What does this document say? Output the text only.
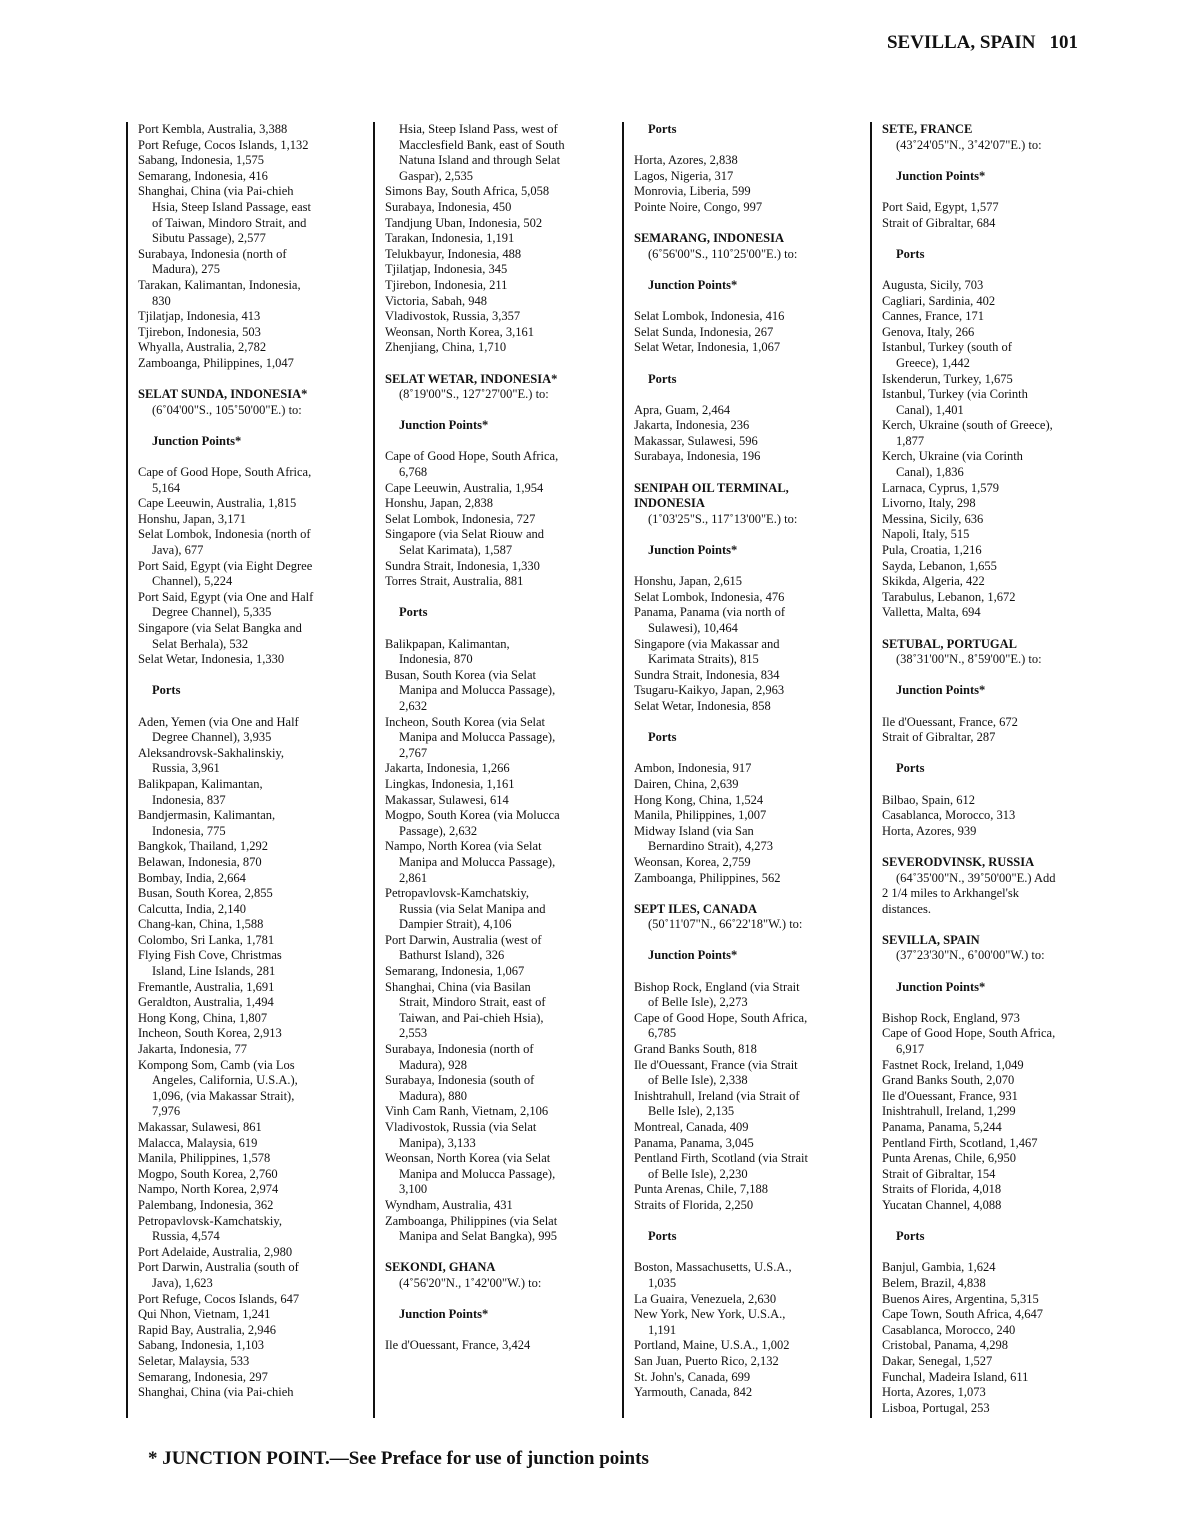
SEVILLA, SPAIN 101
Port Kembla, Australia, 3,388
Port Refuge, Cocos Islands, 1,132
Sabang, Indonesia, 1,575
Semarang, Indonesia, 416
Shanghai, China (via Pai-chieh
Hsia, Steep Island Passage, east
of Taiwan, Mindoro Strait, and
Sibutu Passage), 2,577
Surabaya, Indonesia (north of
Madura), 275
Tarakan, Kalimantan, Indonesia,
830
Tjilatjap, Indonesia, 413
Tjirebon, Indonesia, 503
Whyalla, Australia, 2,782
Zamboanga, Philippines, 1,047
SELAT SUNDA, INDONESIA*
(6˚04'00"S., 105˚50'00"E.) to:
Junction Points*
Cape of Good Hope, South Africa,
5,164
Cape Leeuwin, Australia, 1,815
Honshu, Japan, 3,171
Selat Lombok, Indonesia (north of
Java), 677
Port Said, Egypt (via Eight Degree
Channel), 5,224
Port Said, Egypt (via One and Half
Degree Channel), 5,335
Singapore (via Selat Bangka and
Selat Berhala), 532
Selat Wetar, Indonesia, 1,330
Ports
Aden, Yemen (via One and Half
Degree Channel), 3,935
Aleksandrovsk-Sakhalinskiy,
Russia, 3,961
Balikpapan, Kalimantan,
Indonesia, 837
Bandjermasin, Kalimantan,
Indonesia, 775
Bangkok, Thailand, 1,292
Belawan, Indonesia, 870
Bombay, India, 2,664
Busan, South Korea, 2,855
Calcutta, India, 2,140
Chang-kan, China, 1,588
Colombo, Sri Lanka, 1,781
Flying Fish Cove, Christmas
Island, Line Islands, 281
Fremantle, Australia, 1,691
Geraldton, Australia, 1,494
Hong Kong, China, 1,807
Incheon, South Korea, 2,913
Jakarta, Indonesia, 77
Kompong Som, Camb (via Los
Angeles, California, U.S.A.),
1,096, (via Makassar Strait),
7,976
Makassar, Sulawesi, 861
Malacca, Malaysia, 619
Manila, Philippines, 1,578
Mogpo, South Korea, 2,760
Nampo, North Korea, 2,974
Palembang, Indonesia, 362
Petropavlovsk-Kamchatskiy,
Russia, 4,574
Port Adelaide, Australia, 2,980
Port Darwin, Australia (south of
Java), 1,623
Port Refuge, Cocos Islands, 647
Qui Nhon, Vietnam, 1,241
Rapid Bay, Australia, 2,946
Sabang, Indonesia, 1,103
Seletar, Malaysia, 533
Semarang, Indonesia, 297
Shanghai, China (via Pai-chieh
Hsia, Steep Island Pass, west of
Macclesfield Bank, east of South
Natuna Island and through Selat
Gaspar), 2,535
Simons Bay, South Africa, 5,058
Surabaya, Indonesia, 450
Tandjung Uban, Indonesia, 502
Tarakan, Indonesia, 1,191
Telukbayur, Indonesia, 488
Tjilatjap, Indonesia, 345
Tjirebon, Indonesia, 211
Victoria, Sabah, 948
Vladivostok, Russia, 3,357
Weonsan, North Korea, 3,161
Zhenjiang, China, 1,710
SELAT WETAR, INDONESIA*
(8˚19'00"S., 127˚27'00"E.) to:
Junction Points*
Cape of Good Hope, South Africa,
6,768
Cape Leeuwin, Australia, 1,954
Honshu, Japan, 2,838
Selat Lombok, Indonesia, 727
Singapore (via Selat Riouw and
Selat Karimata), 1,587
Sundra Strait, Indonesia, 1,330
Torres Strait, Australia, 881
Ports
Balikpapan, Kalimantan,
Indonesia, 870
Busan, South Korea (via Selat
Manipa and Molucca Passage),
2,632
Incheon, South Korea (via Selat
Manipa and Molucca Passage),
2,767
Jakarta, Indonesia, 1,266
Lingkas, Indonesia, 1,161
Makassar, Sulawesi, 614
Mogpo, South Korea (via Molucca
Passage), 2,632
Nampo, North Korea (via Selat
Manipa and Molucca Passage),
2,861
Petropavlovsk-Kamchatskiy,
Russia (via Selat Manipa and
Dampier Strait), 4,106
Port Darwin, Australia (west of
Bathurst Island), 326
Semarang, Indonesia, 1,067
Shanghai, China (via Basilan
Strait, Mindoro Strait, east of
Taiwan, and Pai-chieh Hsia),
2,553
Surabaya, Indonesia (north of
Madura), 928
Surabaya, Indonesia (south of
Madura), 880
Vinh Cam Ranh, Vietnam, 2,106
Vladivostok, Russia (via Selat
Manipa), 3,133
Weonsan, North Korea (via Selat
Manipa and Molucca Passage),
3,100
Wyndham, Australia, 431
Zamboanga, Philippines (via Selat
Manipa and Selat Bangka), 995
SEKONDI, GHANA
(4˚56'20"N., 1˚42'00"W.) to:
Junction Points*
Ile d'Ouessant, France, 3,424
Ports
Horta, Azores, 2,838
Lagos, Nigeria, 317
Monrovia, Liberia, 599
Pointe Noire, Congo, 997
SEMARANG, INDONESIA
(6˚56'00"S., 110˚25'00"E.) to:
Junction Points*
Selat Lombok, Indonesia, 416
Selat Sunda, Indonesia, 267
Selat Wetar, Indonesia, 1,067
Ports
Apra, Guam, 2,464
Jakarta, Indonesia, 236
Makassar, Sulawesi, 596
Surabaya, Indonesia, 196
SENIPAH OIL TERMINAL,
INDONESIA
(1˚03'25"S., 117˚13'00"E.) to:
Junction Points*
Honshu, Japan, 2,615
Selat Lombok, Indonesia, 476
Panama, Panama (via north of
Sulawesi), 10,464
Singapore (via Makassar and
Karimata Straits), 815
Sundra Strait, Indonesia, 834
Tsugaru-Kaikyo, Japan, 2,963
Selat Wetar, Indonesia, 858
Ports
Ambon, Indonesia, 917
Dairen, China, 2,639
Hong Kong, China, 1,524
Manila, Philippines, 1,007
Midway Island (via San
Bernardino Strait), 4,273
Weonsan, Korea, 2,759
Zamboanga, Philippines, 562
SEPT ILES, CANADA
(50˚11'07"N., 66˚22'18"W.) to:
Junction Points*
Bishop Rock, England (via Strait
of Belle Isle), 2,273
Cape of Good Hope, South Africa,
6,785
Grand Banks South, 818
Ile d'Ouessant, France (via Strait
of Belle Isle), 2,338
Inishtrahull, Ireland (via Strait of
Belle Isle), 2,135
Montreal, Canada, 409
Panama, Panama, 3,045
Pentland Firth, Scotland (via Strait
of Belle Isle), 2,230
Punta Arenas, Chile, 7,188
Straits of Florida, 2,250
Ports
Boston, Massachusetts, U.S.A.,
1,035
La Guaira, Venezuela, 2,630
New York, New York, U.S.A.,
1,191
Portland, Maine, U.S.A., 1,002
San Juan, Puerto Rico, 2,132
St. John's, Canada, 699
Yarmouth, Canada, 842
SETE, FRANCE
(43˚24'05"N., 3˚42'07"E.) to:
Junction Points*
Port Said, Egypt, 1,577
Strait of Gibraltar, 684
Ports
Augusta, Sicily, 703
Cagliari, Sardinia, 402
Cannes, France, 171
Genova, Italy, 266
Istanbul, Turkey (south of
Greece), 1,442
Iskenderun, Turkey, 1,675
Istanbul, Turkey (via Corinth
Canal), 1,401
Kerch, Ukraine (south of Greece),
1,877
Kerch, Ukraine (via Corinth
Canal), 1,836
Larnaca, Cyprus, 1,579
Livorno, Italy, 298
Messina, Sicily, 636
Napoli, Italy, 515
Pula, Croatia, 1,216
Sayda, Lebanon, 1,655
Skikda, Algeria, 422
Tarabulus, Lebanon, 1,672
Valletta, Malta, 694
SETUBAL, PORTUGAL
(38˚31'00"N., 8˚59'00"E.) to:
Junction Points*
Ile d'Ouessant, France, 672
Strait of Gibraltar, 287
Ports
Bilbao, Spain, 612
Casablanca, Morocco, 313
Horta, Azores, 939
SEVERODVINSK, RUSSIA
(64˚35'00"N., 39˚50'00"E.) Add
2 1/4 miles to Arkhangel'sk
distances.
SEVILLA, SPAIN
(37˚23'30"N., 6˚00'00"W.) to:
Junction Points*
Bishop Rock, England, 973
Cape of Good Hope, South Africa,
6,917
Fastnet Rock, Ireland, 1,049
Grand Banks South, 2,070
Ile d'Ouessant, France, 931
Inishtrahull, Ireland, 1,299
Panama, Panama, 5,244
Pentland Firth, Scotland, 1,467
Punta Arenas, Chile, 6,950
Strait of Gibraltar, 154
Straits of Florida, 4,018
Yucatan Channel, 4,088
Ports
Banjul, Gambia, 1,624
Belem, Brazil, 4,838
Buenos Aires, Argentina, 5,315
Cape Town, South Africa, 4,647
Casablanca, Morocco, 240
Cristobal, Panama, 4,298
Dakar, Senegal, 1,527
Funchal, Madeira Island, 611
Horta, Azores, 1,073
Lisboa, Portugal, 253
* JUNCTION POINT.—See Preface for use of junction points
